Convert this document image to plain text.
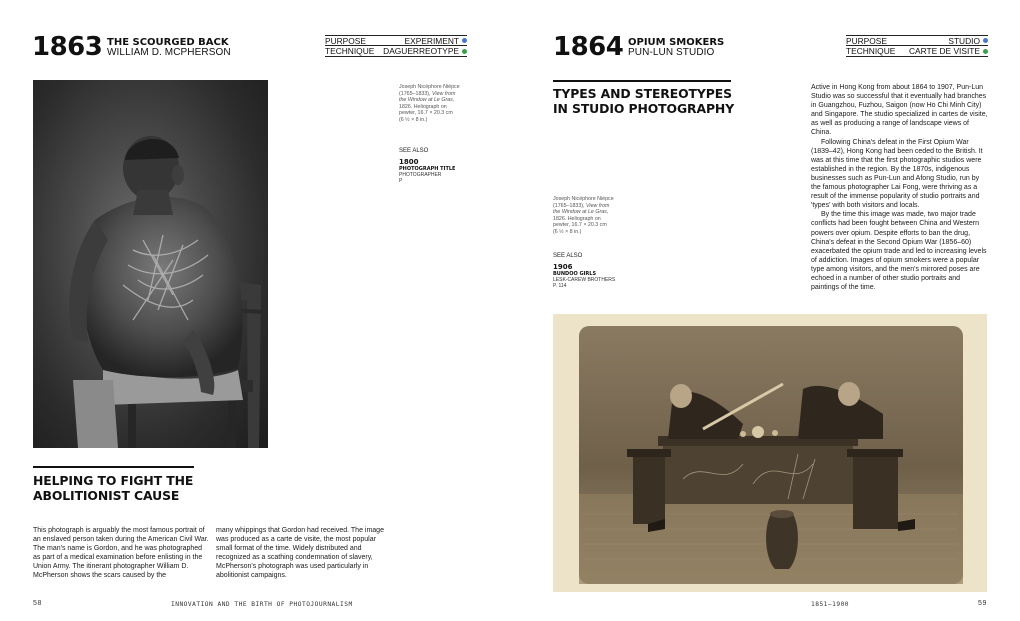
1863 THE SCOURGED BACK
WILLIAM D. MCPHERSON
PURPOSE	EXPERIMENT
TECHNIQUE DAGUERREOTYPE
Joseph Nicéphore Niépce
(1765–1833), View from
the Window at Le Gras,
1826. Heliograph on
pewter, 16.7 × 20.3 cm
(6 ½ × 8 in.)
SEE ALSO
1800
PHOTOGRAPH TITLE
PHOTOGRAPHER
P
HELPING TO FIGHT THE
ABOLITIONIST CAUSE
This photograph is arguably the most famous portrait of an enslaved person taken during the American Civil War. The man's name is Gordon, and he was photographed as part of a medical examination before enlisting in the Union Army. The itinerant photographer William D. McPherson shows the scars caused by the
many whippings that Gordon had received. The image was produced as a carte de visite, the most popular small format of the time. Widely distributed and recognized as a scathing condemnation of slavery, McPherson's photograph was used particularly in abolitionist campaigns.
58	INNOVATION AND THE BIRTH OF PHOTOJOURNALISM
1864 OPIUM SMOKERS
PUN-LUN STUDIO
PURPOSE	STUDIO
TECHNIQUE CARTE DE VISITE
TYPES AND STEREOTYPES
IN STUDIO PHOTOGRAPHY
Joseph Nicéphore Niépce
(1765–1833), View from
the Window at Le Gras,
1826. Heliograph on
pewter, 16.7 × 20.3 cm
(6 ½ × 8 in.)
SEE ALSO
1906
BUNDOO GIRLS
LESK-CAREW BROTHERS
P. 114

Active in Hong Kong from about 1864 to 1907, Pun-Lun Studio was so successful that it eventually had branches in Guangzhou, Fuzhou, Saigon (now Ho Chi Minh City) and Singapore. The studio specialized in cartes de visite, as well as producing a range of landscape views of China.

Following China's defeat in the First Opium War (1839–42), Hong Kong had been ceded to the British. It was at this time that the first photographic studios were established in the region. By the 1870s, indigenous businesses such as Pun-Lun and Afong Studio, run by the famous photographer Lai Fong, were thriving as a result of the immense popularity of studio portraits and 'types' with both visitors and locals.

By the time this image was made, two major trade conflicts had been fought between China and Western powers over opium. Despite efforts to ban the drug, China's defeat in the Second Opium War (1856–60) exacerbated the opium trade and led to increasing levels of addiction. Images of opium smokers were a popular type among visitors, and the men's mirrored poses are echoed in a number of other studio portraits and paintings of the time.

1851–1900	59
